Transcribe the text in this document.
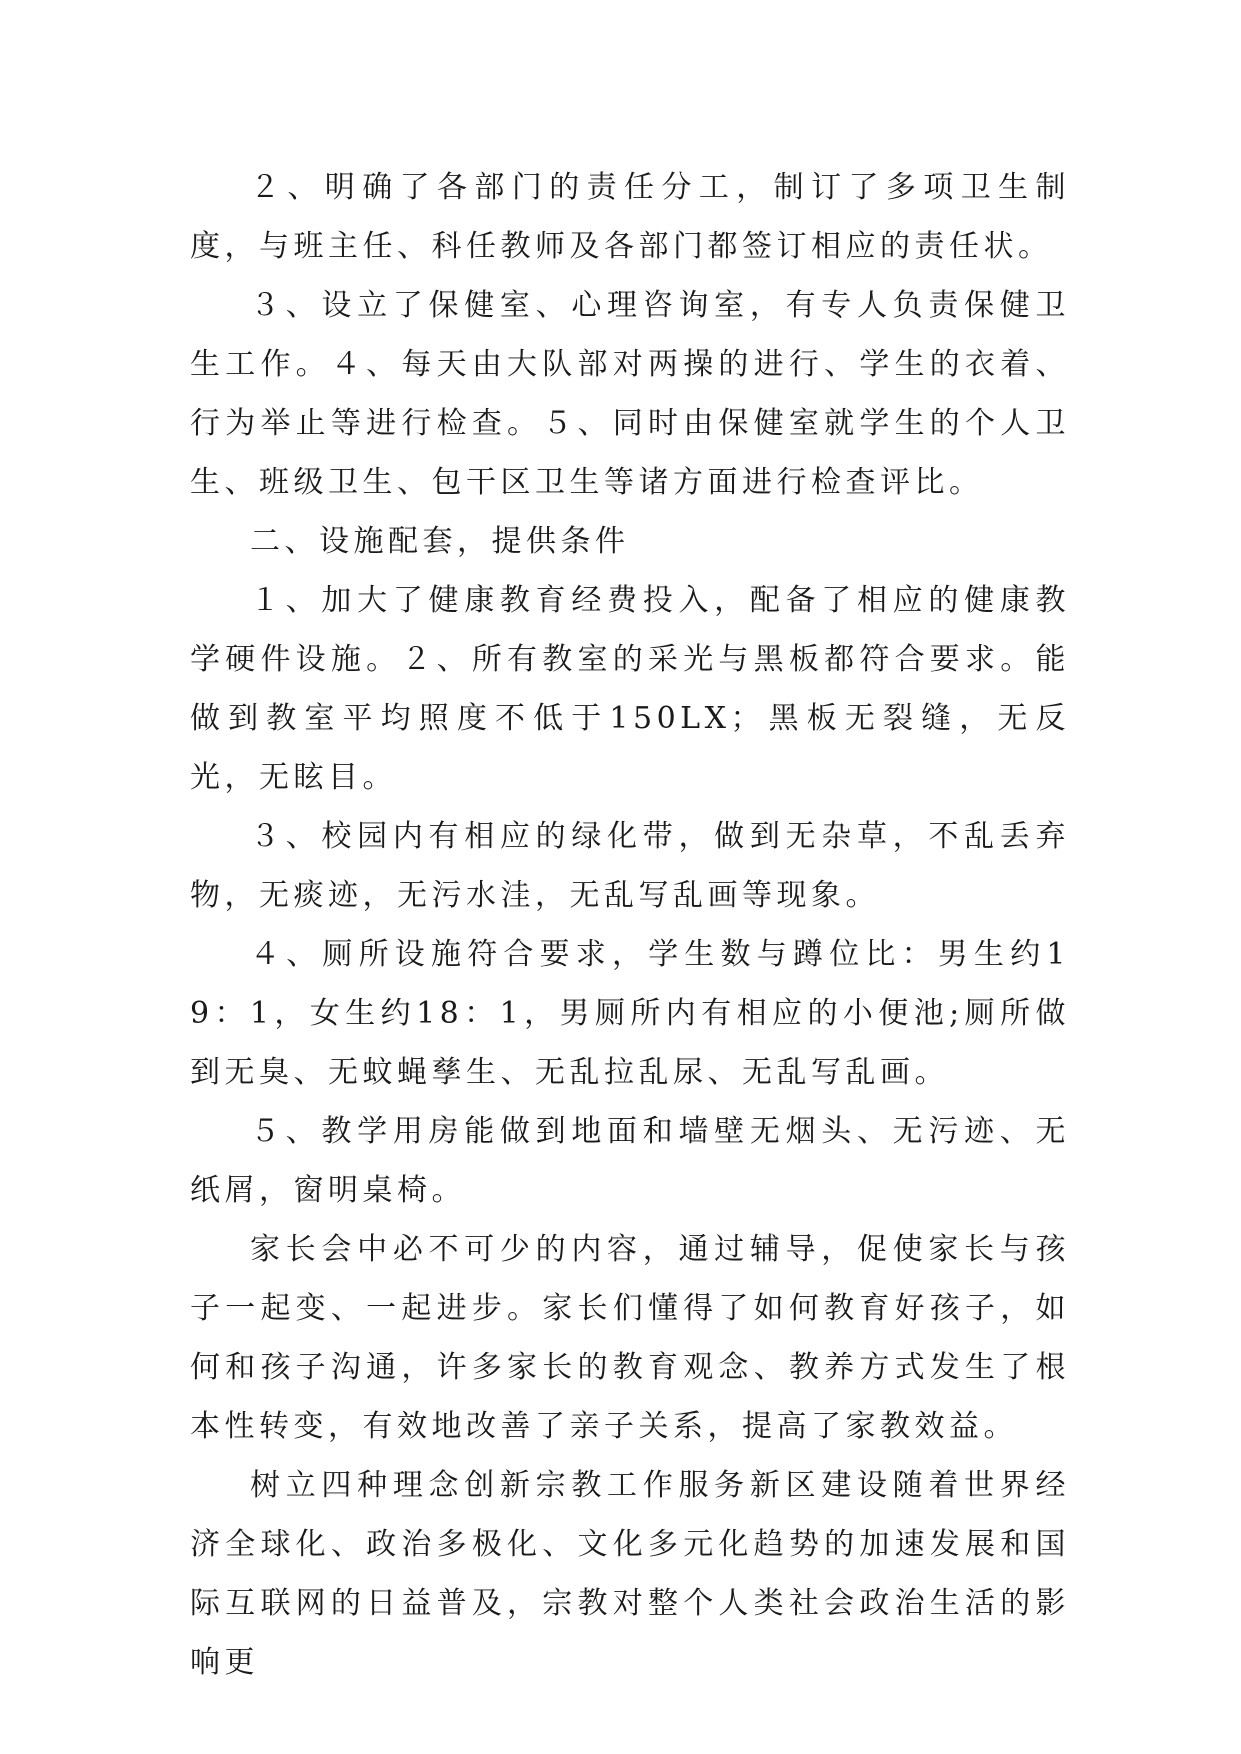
２、明确了各部门的责任分工，制订了多项卫生制度，与班主任、科任教师及各部门都签订相应的责任状。

３、设立了保健室、心理咨询室，有专人负责保健卫生工作。４、每天由大队部对两操的进行、学生的衣着、行为举止等进行检查。５、同时由保健室就学生的个人卫生、班级卫生、包干区卫生等诸方面进行检查评比。

二、设施配套，提供条件

１、加大了健康教育经费投入，配备了相应的健康教学硬件设施。２、所有教室的采光与黑板都符合要求。能做到教室平均照度不低于150LX；黑板无裂缝，无反光，无眩目。

３、校园内有相应的绿化带，做到无杂草，不乱丢弃物，无痰迹，无污水洼，无乱写乱画等现象。

４、厕所设施符合要求，学生数与蹲位比：男生约19：1，女生约18：1，男厕所内有相应的小便池;厕所做到无臭、无蚊蝇孳生、无乱拉乱尿、无乱写乱画。

５、教学用房能做到地面和墙壁无烟头、无污迹、无纸屑，窗明桌椅。

家长会中必不可少的内容，通过辅导，促使家长与孩子一起变、一起进步。家长们懂得了如何教育好孩子，如何和孩子沟通，许多家长的教育观念、教养方式发生了根本性转变，有效地改善了亲子关系，提高了家教效益。

树立四种理念创新宗教工作服务新区建设随着世界经济全球化、政治多极化、文化多元化趋势的加速发展和国际互联网的日益普及，宗教对整个人类社会政治生活的影响更
